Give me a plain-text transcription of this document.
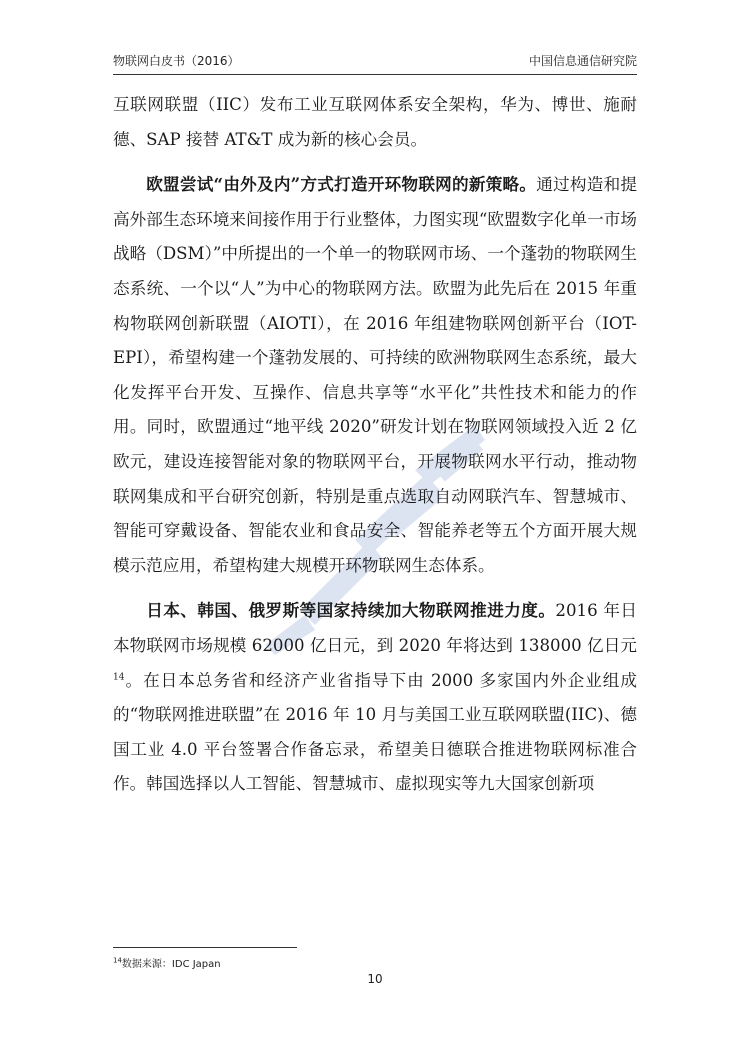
物联网白皮书（2016）	中国信息通信研究院

互联网联盟（IIC）发布工业互联网体系安全架构，华为、博世、施耐德、SAP 接替 AT&T 成为新的核心会员。

欧盟尝试“由外及内”方式打造开环物联网的新策略。通过构造和提高外部生态环境来间接作用于行业整体，力图实现“欧盟数字化单一市场战略（DSM）”中所提出的一个单一的物联网市场、一个蓬勃的物联网生态系统、一个以“人”为中心的物联网方法。欧盟为此先后在 2015 年重构物联网创新联盟（AIOTI），在 2016 年组建物联网创新平台（IOT-EPI），希望构建一个蓬勃发展的、可持续的欧洲物联网生态系统，最大化发挥平台开发、互操作、信息共享等“水平化”共性技术和能力的作用。同时，欧盟通过“地平线 2020”研发计划在物联网领域投入近 2 亿欧元，建设连接智能对象的物联网平台，开展物联网水平行动，推动物联网集成和平台研究创新，特别是重点选取自动网联汽车、智慧城市、智能可穿戴设备、智能农业和食品安全、智能养老等五个方面开展大规模示范应用，希望构建大规模开环物联网生态体系。

日本、韩国、俄罗斯等国家持续加大物联网推进力度。2016 年日本物联网市场规模 62000 亿日元，到 2020 年将达到 138000 亿日元$^{14}$。在日本总务省和经济产业省指导下由 2000 多家国内外企业组成的“物联网推进联盟”在 2016 年 10 月与美国工业互联网联盟(IIC)、德国工业 4.0 平台签署合作备忘录，希望美日德联合推进物联网标准合作。韩国选择以人工智能、智慧城市、虚拟现实等九大国家创新项

$^{14}$数据来源：IDC Japan
10
